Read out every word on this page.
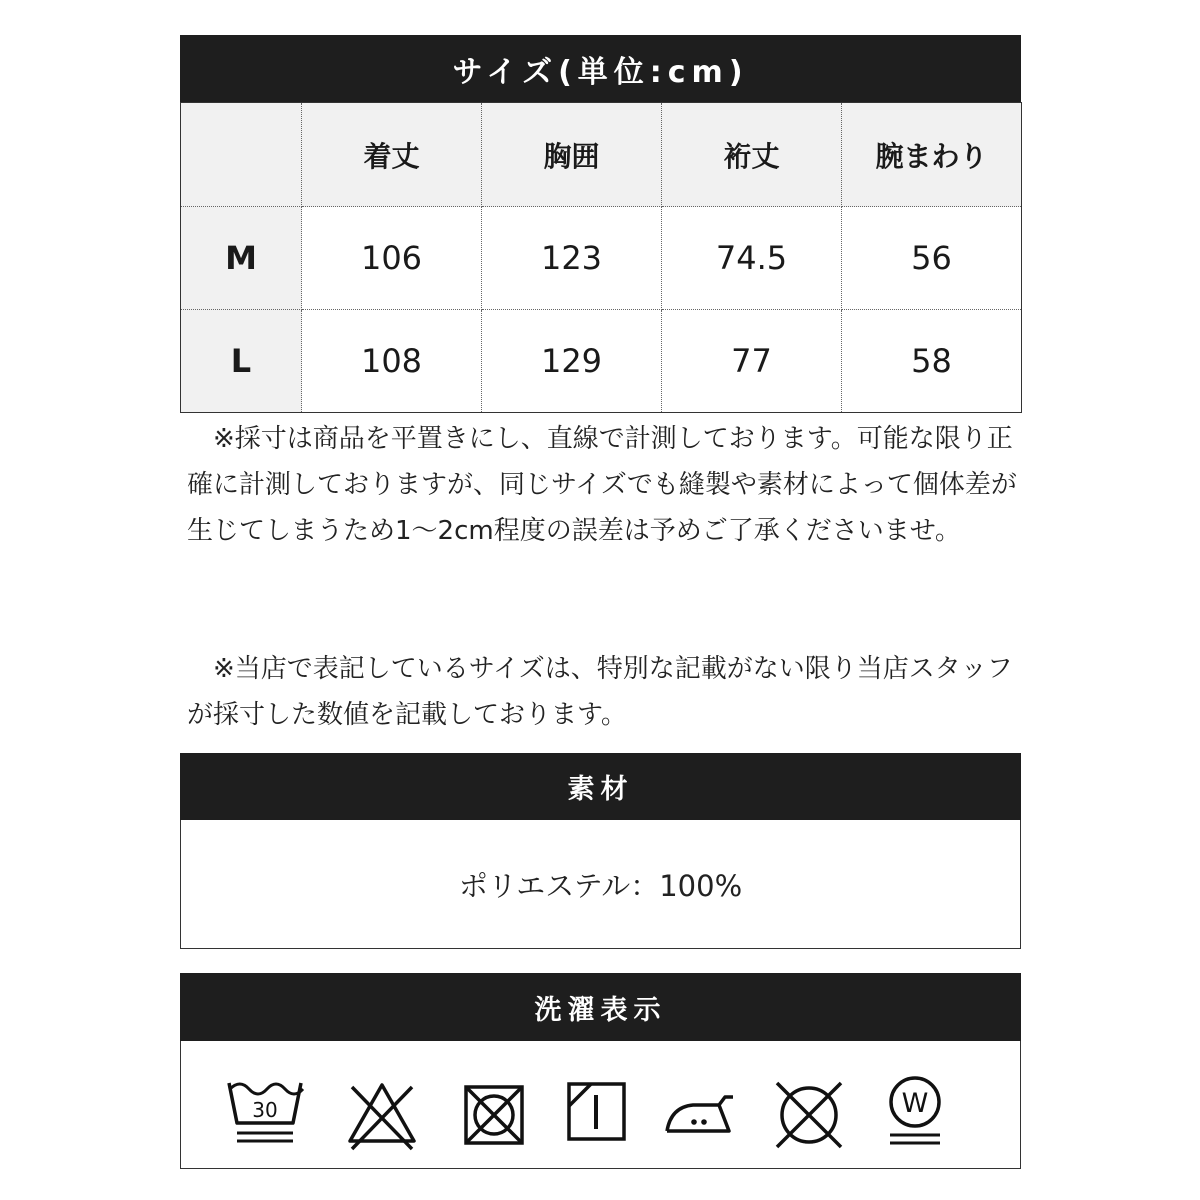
サイズ(単位:cm)
	着丈	胸囲	裄丈	腕まわり
M	106	123	74.5	56
L	108	129	77	58

※採寸は商品を平置きにし、直線で計測しております。可能な限り正確に計測しておりますが、同じサイズでも縫製や素材によって個体差が生じてしまうため1〜2cm程度の誤差は予めご了承くださいませ。

※当店で表記しているサイズは、特別な記載がない限り当店スタッフが採寸した数値を記載しております。

素材
ポリエステル：100%
洗濯表示
30	W
